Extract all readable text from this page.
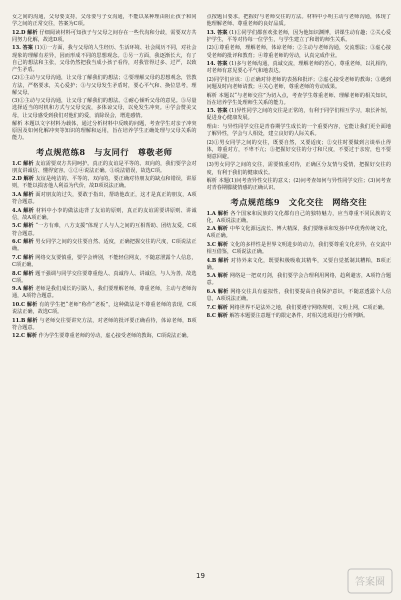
女之间的沟通，父母要支持，父母要与子女沟通，不能以某种理由阻止孩子和同学之间的正常交往，答案为C项。

12.D 解析 仔细阅读材料可知孩子与父母之间存在一些代沟和分歧，需要双方共同努力化解，故选D项。

13. 答案 (1)①一方面，我与父母的人生经历、生活环境、社会阅历不同，对社会现象的理解有差异，因而形成不同的思想观念。②另一方面，我逐渐长大，有了自己的想法和主张，父母仍然把我当成小孩子看待，对我管得过多、过严，以致产生矛盾。

(2)①主动与父母沟通，让父母了解我们的想法；②要理解父母的思想观念，管教方法，严格要求，关心爱护；③与父母发生矛盾时，要心平气和、换位思考，理解父母。

(3)①主动与父母沟通，让父母了解我们的想法。②耐心倾听父母的意见。③尽量选择适当的时机和方式与父母交流，多体谅父母，以免发生冲突。④学会赞美父母，让父母感受到我们对他们的爱，消除误会，增进感情。

解析 本题以文字材料为载体，通过分析材料中反映的问题，考查学生对亲子冲突原因及如何化解冲突等知识的理解和运用，旨在培养学生正确处理与父母关系的能力。

考点规范练8　与友同行　尊敬老师

1.C 解析 友谊需要双方共同呵护。真正的友谊是平等的、双向的，我们要学会对朋友讲诚信、懂得宽容。①②④说法正确。③说法错误，故选C项。

2.D 解析 友谊是纯洁的、平等的、双向的。要正确对待朋友的缺点和错误，讲原则，不能以损害他人利益为代价，故D项说法正确。

3.A 解析 面对朋友的过失，要敢于指出，帮助他改正，这才是真正的朋友，A项符合题意。

4.A 解析 材料中小李的做法违背了友谊的原则，真正的友谊需要讲原则、讲诚信，故A项正确。

5.C 解析 “一方有难，八方支援”体现了人与人之间的互相帮助、团结友爱，C项符合题意。

6.C 解析 男女同学之间的交往要自然、适度，正确把握交往的尺度，C项说法正确。

7.C 解析 网络交友要慎重，要学会辨别，不能轻信网友，不随意泄露个人信息，C项正确。

8.C 解析 题干强调与同学交往要尊重他人、真诚待人、讲诚信，与人为善，故选C项。

9.A 解析 老师是我们成长的引路人，我们要理解老师，尊重老师，主动与老师沟通，A项符合题意。

10.C 解析 有的学生把“老师”称作“老板”，这种做法是不尊重老师的表现，C项说法正确，故选C项。

11.B 解析 与老师交往要讲究方法，对老师的批评要正确看待，体谅老师，B项符合题意。

12.C 解析 作为学生要尊重老师的劳动，虚心接受老师的教诲，C项说法正确。

点按题目要求，把握好与老师交往的方法。材料中小明主动与老师沟通，体现了他理解老师、尊重老师的良好品质。

13. 答案 (1)①同学们都喜欢张老师，因为他知识渊博，讲课生动有趣；②关心爱护学生，平等对待每一位学生，与学生建立了和谐的师生关系。

(2)①尊重老师，理解老师，体谅老师；②主动与老师沟通，交流想法；③虚心接受老师的批评和教育；④尊重老师的劳动，认真完成作业。

14. 答案 (1)多与老师沟通，真诚交流，理解老师的苦心，尊重老师，以礼相待，对老师有意见要心平气和地表达。

(2)同学们应该：①正确对待老师的表扬和批评；②虚心接受老师的教诲；③遇到问题及时向老师请教；④关心老师，尊重老师的劳动成果。

解析 本题以“与老师交往”为切入点，考查学生尊重老师、理解老师的相关知识，旨在培养学生处理师生关系的能力。

15. 答案 (1)异性同学之间的交往是正常的，有利于同学们相互学习，取长补短，促进身心健康发展。

理由：与异性同学交往是青春期学生成长的一个重要内容，它能让我们更全面地了解异性，学会与人相处，建立良好的人际关系。

(2)①男女同学之间的交往，既要自然，又要适度；②交往时要做到言谈举止得体，尊重对方，不卑不亢；③把握好交往的分寸和尺度，不要过于亲密，也不要刻意回避。

(3)男女同学之间的交往，需要慎重对待，正确区分友情与爱情，把握好交往的度，有利于我们的健康成长。

解析 本题(1)问考查异性交往的意义；(2)问考查如何与异性同学交往；(3)问考查对青春期朦胧情感的正确认识。

考点规范练9　文化交往　网络交往

1.A 解析 各个国家和民族的文化都有自己的独特魅力，应当尊重不同民族的文化，A项说法正确。

2.A 解析 中华文化源远流长、博大精深，我们要继承和发扬中华优秀传统文化，A项正确。

3.C 解析 文化的多样性是世界文明进步的动力，我们要尊重文化差异，在交流中相互借鉴，C项说法正确。

4.B 解析 对待外来文化，既要积极吸收其精华，又要自觉抵制其糟粕，B项正确。

5.A 解析 网络是一把双刃剑，我们要学会合理利用网络，趋利避害，A项符合题意。

6.A 解析 网络交往具有虚拟性，我们要提高自我保护意识，不随意透露个人信息，A项说法正确。

7.C 解析 网络世界不是法外之地，我们要遵守网络规则，文明上网，C项正确。

8.C 解析 解答本题要注意题干的限定条件，对相关选项进行分析判断。

19
答案圈
